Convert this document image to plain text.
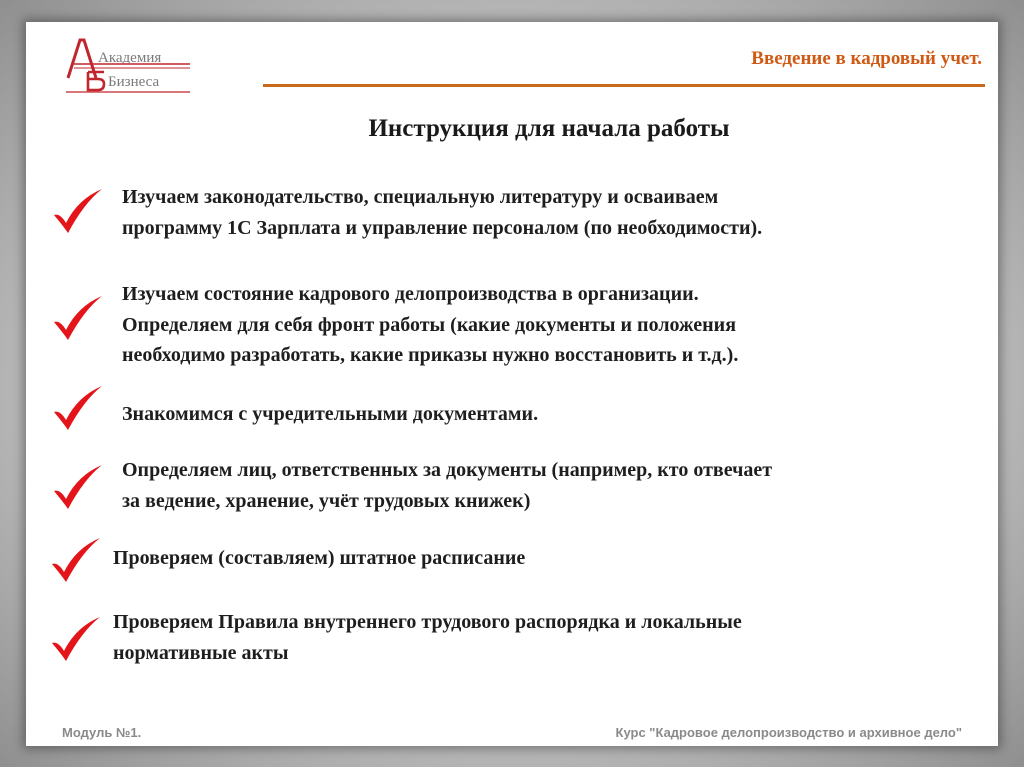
Академия
Бизнеса
Введение в кадровый учет.
Инструкция для начала работы
Изучаем законодательство, специальную литературу и осваиваем
программу 1С Зарплата и управление персоналом (по необходимости).
Изучаем состояние кадрового делопроизводства в организации.
Определяем для себя фронт работы (какие документы и положения
необходимо разработать, какие приказы нужно восстановить и т.д.).
Знакомимся с учредительными документами.
Определяем лиц, ответственных за документы (например, кто отвечает
за ведение, хранение, учёт трудовых книжек)
Проверяем (составляем) штатное расписание
Проверяем Правила внутреннего трудового распорядка и локальные
нормативные акты
Модуль №1.	Курс "Кадровое делопроизводство и архивное дело"
